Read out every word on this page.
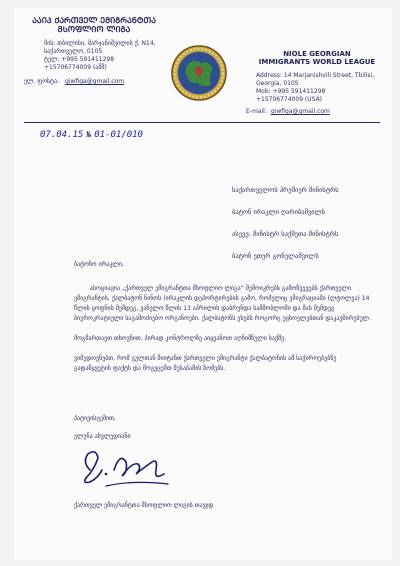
ᲐᲐᲘᲞ ᲥᲐᲠᲗᲕᲔᲚ ᲔᲛᲘᲒᲠᲐᲜᲢᲗᲐ ᲛᲡᲝᲤᲚᲘᲝ ᲚᲘᲒᲐ
მის: თბილისი, მარჯანიშვილის ქ. N14,
საქართველო, 0105
ტელ: +995 591411298
+15706774009 (აშშ)
ელ. ფოსტა: giwfiga@gmail.com
NIOLE GEORGIAN
IMMIGRANTS WORLD LEAGUE
Address: 14 Marjanishvili Street, Tbilisi,
Georgia, 0105
Mob: +995 591411298
+15706774009 (USA)
E-mail: giwfiga@gmail.com
07.04.15 № 01-01/010
საქართველოს პრემიერ მინისტრს
ბატონ ირაკლი ღარიბაშვილს
ასევე: მინისტრ საქმეთა მინისტრს
ბატონ ეთერ გონელაშვილს
ბატონო ირაკლი,

ასოციაცია „ქართველ ემიგრანტთა მსოფლიო ლიგა“ შემოიკრებს გამოწვევებს ქართველი ემიგრანტის, ქალბატონ ნინოს (ირაკლის დეპორტირების გამო, რომელიც ემიგრაციაში (ლტოლვა) 14 წლის ყოფნის შემდეგ, ვანელო წლის 13 აპრილის დაბრუნდა სამშობლოში და მას შემდეგ ბიუროკრატიული საგამოძიებო ორგანოები. ქალბატონს ეხებს როგორც უცხოელებთან დაკავშირებულ.

მოგმართავთ თხოვნით, პირად კონტროლზე აიყვანოთ აღნიშნული საქმე.

ვიმედოვნებთ, რომ გულთან მიიტანთ ქართველი ემიგრანტი ქალბატონის ამ საჭიროებებზე გადაწყვეტის ფაქტს და მოგვცემთ შესაბამის ზომებს.

პატივისცემით,
ელენა ახვლედიანი
ქართველ ემიგრანტთა მსოფლიო ლიგის თავჯდ
